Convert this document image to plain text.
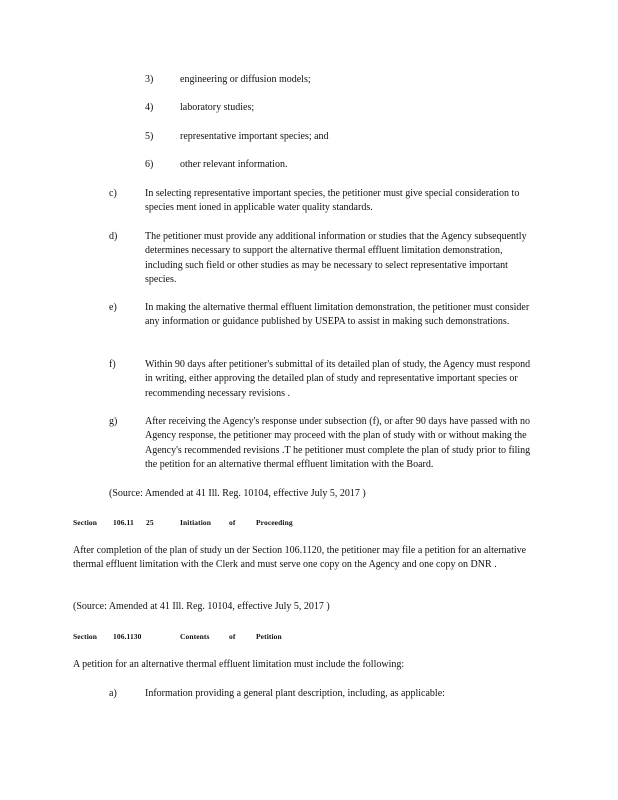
3)	engineering or diffusion models;
4)	laboratory studies;
5)	representative important species; and
6)	other relevant information.
c)	In selecting representative important species, the petitioner must give special consideration to species ment ioned in applicable water quality standards.
d)	The petitioner must provide any additional information or studies that the Agency subsequently determines necessary to support the alternative thermal effluent limitation demonstration, including such field or other studies as may be necessary to select representative important species.
e)	In making the alternative thermal effluent limitation demonstration, the petitioner must consider any information or guidance published by USEPA to assist in making such demonstrations.
f)	Within 90 days after petitioner's submittal of its detailed plan of study, the Agency must respond in writing, either approving the detailed plan of study and representative important species or recommending necessary revisions .
g)	After receiving the Agency's response under subsection (f), or after 90 days have passed with no Agency response, the petitioner may proceed with the plan of study with or without making the Agency's recommended revisions .T he petitioner must complete the plan of study prior to filing the petition for an alternative thermal effluent limitation with the Board.
(Source: Amended at 41 Ill. Reg. 10104, effective July 5, 2017 )
Section 106.11 25	Initiation of	Proceeding
After completion of the plan of study un der Section 106.1120, the petitioner may file a petition for an alternative thermal effluent limitation with the Clerk and must serve one copy on the Agency and one copy on DNR .
(Source: Amended at 41 Ill. Reg. 10104, effective July 5, 2017 )
Section 106.1130	Contents	of	Petition
A petition for an alternative thermal effluent limitation must include the following:
a)	Information providing a general plant description, including, as applicable:
